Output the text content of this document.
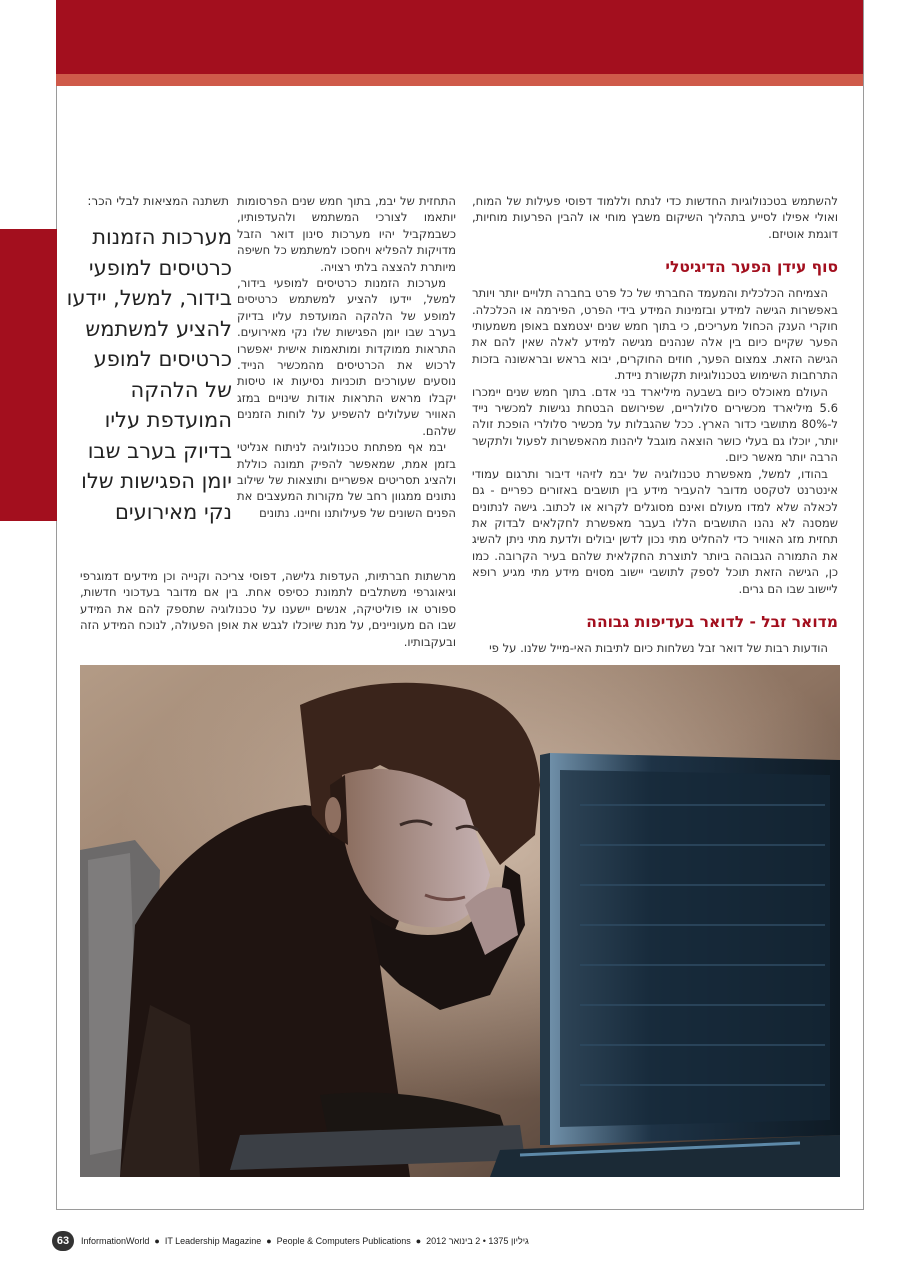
להשתמש בטכנולוגיות החדשות כדי לנתח וללמוד דפוסי פעילות של המוח, ואולי אפילו לסייע בתהליך השיקום משבץ מוחי או להבין הפרעות מוחיות, דוגמת אוטיזם.

סוף עידן הפער הדיגיטלי

הצמיחה הכלכלית והמעמד החברתי של כל פרט בחברה תלויים יותר ויותר באפשרות הגישה למידע ובזמינות המידע בידי הפרט, הפירמה או הכלכלה. חוקרי הענק הכחול מעריכים, כי בתוך חמש שנים יצטמצם באופן משמעותי הפער שקיים כיום בין אלה שנהנים מגישה למידע לאלה שאין להם את הגישה הזאת. צמצום הפער, חוזים החוקרים, יבוא בראש ובראשונה בזכות התרחבות השימוש בטכנולוגיות תקשורת ניידת.

העולם מאוכלס כיום בשבעה מיליארד בני אדם. בתוך חמש שנים יימכרו 5.6 מיליארד מכשירים סלולריים, שפירושם הבטחת נגישות למכשיר נייד ל-80% מתושבי כדור הארץ. ככל שהגבלות על מכשיר סלולרי הופכת זולה יותר, יוכלו גם בעלי כושר הוצאה מוגבל ליהנות מהאפשרות לפעול ולתקשר הרבה יותר מאשר כיום.

בהודו, למשל, מאפשרת טכנולוגיה של יבמ לזיהוי דיבור ותרגום עמודי אינטרנט לטקסט מדובר להעביר מידע בין תושבים באזורים כפריים - גם לכאלה שלא למדו מעולם ואינם מסוגלים לקרוא או לכתוב. גישה לנתונים שמסנה לא נהנו התושבים הללו בעבר מאפשרת לחקלאים לבדוק את תחזית מזג האוויר כדי להחליט מתי נכון לדשן יבולים ולדעת מתי ניתן להשיג את התמורה הגבוהה ביותר לתוצרת החקלאית שלהם בעיר הקרובה. כמו כן, הגישה הזאת תוכל לספק לתושבי יישוב מסוים מידע מתי מגיע רופא ליישוב שבו הם גרים.

מדואר זבל - לדואר בעדיפות גבוהה

הודעות רבות של דואר זבל נשלחות כיום לתיבות האי-מייל שלנו. על פי

התחזית של יבמ, בתוך חמש שנים הפרסומות יותאמו לצורכי המשתמש ולהעדפותיו, כשבמקביל יהיו מערכות סינון דואר הזבל מדויקות להפליא ויחסכו למשתמש כל חשיפה מיותרת להצצה בלתי רצויה.

מערכות הזמנות כרטיסים למופעי בידור, למשל, יידעו להציע למשתמש כרטיסים למופע של הלהקה המועדפת עליו בדיוק בערב שבו יומן הפגישות שלו נקי מאירועים. התראות ממוקדות ומותאמות אישית יאפשרו לרכוש את הכרטיסים מהמכשיר הנייד. נוסעים שעורכים תוכניות נסיעות או טיסות יקבלו מראש התראות אודות שינויים במזג האוויר שעלולים להשפיע על לוחות הזמנים שלהם.

יבמ אף מפתחת טכנולוגיה לניתוח אנליטי בזמן אמת, שמאפשר להפיק תמונה כוללת ולהציג תסריטים אפשריים ותוצאות של שילוב נתונים ממגוון רחב של מקורות המעצבים את הפנים השונים של פעילותנו וחיינו. נתונים

מרשתות חברתיות, העדפות גלישה, דפוסי צריכה וקנייה וכן מידעים דמוגרפי וגיאוגרפי משתלבים לתמונת כסיפס אחת. בין אם מדובר בעדכוני חדשות, ספורט או פוליטיקה, אנשים יישענו על טכנולוגיה שתספק להם את המידע שבו הם מעוניינים, על מנת שיוכלו לגבש את אופן הפעולה, לנוכח המידע הזה ובעקבותיו.
תשתנה המציאות לבלי הכר:
מערכות הזמנות כרטיסים למופעי בידור, למשל, יידעו להציע למשתמש כרטיסים למופע של הלהקה המועדפת עליו בדיוק בערב שבו יומן הפגישות שלו נקי מאירועים
63	InformationWorld ● IT Leadership Magazine ● People & Computers Publications ● גיליון 1375 • 2 בינואר 2012
